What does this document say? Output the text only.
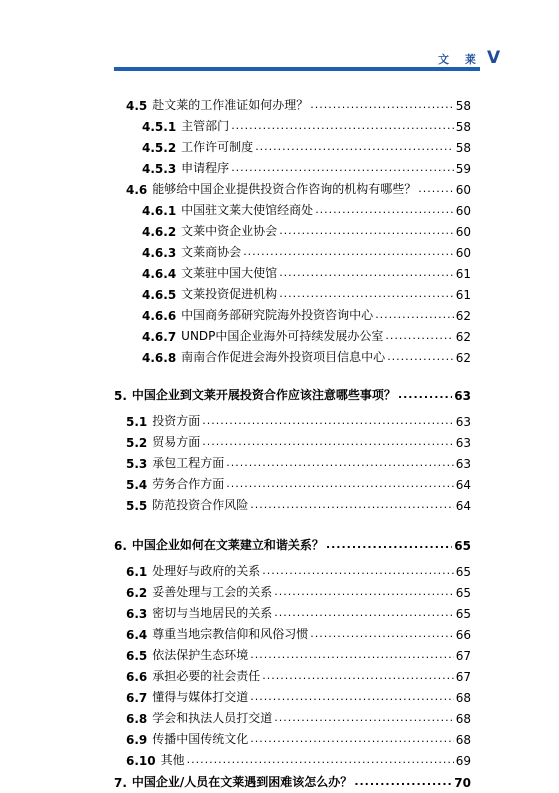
文 莱 V
4.5 赴文莱的工作准证如何办理？ .....	58
4.5.1 主管部门 .....	58
4.5.2 工作许可制度 .....	58
4.5.3 申请程序 .....	59
4.6 能够给中国企业提供投资合作咨询的机构有哪些？ .....	60
4.6.1 中国驻文莱大使馆经商处 .....	60
4.6.2 文莱中资企业协会 .....	60
4.6.3 文莱商协会 .....	60
4.6.4 文莱驻中国大使馆 .....	61
4.6.5 文莱投资促进机构 .....	61
4.6.6 中国商务部研究院海外投资咨询中心 .....	62
4.6.7 UNDP中国企业海外可持续发展办公室 .....	62
4.6.8 南南合作促进会海外投资项目信息中心 .....	62
5. 中国企业到文莱开展投资合作应该注意哪些事项？ .....	63
5.1 投资方面 .....	63
5.2 贸易方面 .....	63
5.3 承包工程方面 .....	63
5.4 劳务合作方面 .....	64
5.5 防范投资合作风险 .....	64
6. 中国企业如何在文莱建立和谐关系？ .....	65
6.1 处理好与政府的关系 .....	65
6.2 妥善处理与工会的关系 .....	65
6.3 密切与当地居民的关系 .....	65
6.4 尊重当地宗教信仰和风俗习惯 .....	66
6.5 依法保护生态环境 .....	67
6.6 承担必要的社会责任 .....	67
6.7 懂得与媒体打交道 .....	68
6.8 学会和执法人员打交道 .....	68
6.9 传播中国传统文化 .....	68
6.10 其他 .....	69
7. 中国企业/人员在文莱遇到困难该怎么办？ .....	70
